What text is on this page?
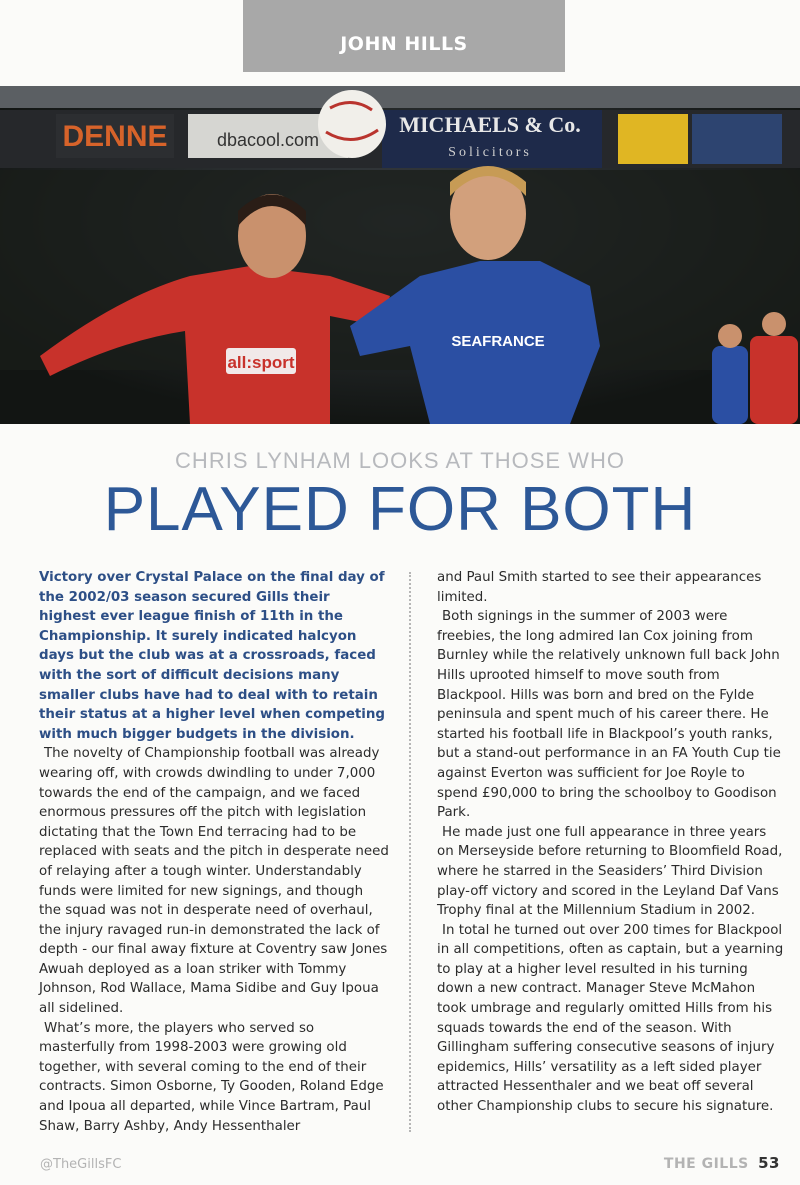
JOHN HILLS
DENNE	dbacool.com
MICHAELS & Co.
Solicitors
all:sport
SEAFRANCE
CHRIS LYNHAM LOOKS AT THOSE WHO
PLAYED FOR BOTH

Victory over Crystal Palace on the final day of the 2002/03 season secured Gills their highest ever league finish of 11th in the Championship. It surely indicated halcyon days but the club was at a crossroads, faced with the sort of difficult decisions many smaller clubs have had to deal with to retain their status at a higher level when competing with much bigger budgets in the division.

The novelty of Championship football was already wearing off, with crowds dwindling to under 7,000 towards the end of the campaign, and we faced enormous pressures off the pitch with legislation dictating that the Town End terracing had to be replaced with seats and the pitch in desperate need of relaying after a tough winter. Understandably funds were limited for new signings, and though the squad was not in desperate need of overhaul, the injury ravaged run-in demonstrated the lack of depth - our final away fixture at Coventry saw Jones Awuah deployed as a loan striker with Tommy Johnson, Rod Wallace, Mama Sidibe and Guy Ipoua all sidelined.

What’s more, the players who served so masterfully from 1998-2003 were growing old together, with several coming to the end of their contracts. Simon Osborne, Ty Gooden, Roland Edge and Ipoua all departed, while Vince Bartram, Paul Shaw, Barry Ashby, Andy Hessenthaler

and Paul Smith started to see their appearances limited.

Both signings in the summer of 2003 were freebies, the long admired Ian Cox joining from Burnley while the relatively unknown full back John Hills uprooted himself to move south from Blackpool. Hills was born and bred on the Fylde peninsula and spent much of his career there. He started his football life in Blackpool’s youth ranks, but a stand-out performance in an FA Youth Cup tie against Everton was sufficient for Joe Royle to spend £90,000 to bring the schoolboy to Goodison Park.

He made just one full appearance in three years on Merseyside before returning to Bloomfield Road, where he starred in the Seasiders’ Third Division play-off victory and scored in the Leyland Daf Vans Trophy final at the Millennium Stadium in 2002.

In total he turned out over 200 times for Blackpool in all competitions, often as captain, but a yearning to play at a higher level resulted in his turning down a new contract. Manager Steve McMahon took umbrage and regularly omitted Hills from his squads towards the end of the season. With Gillingham suffering consecutive seasons of injury epidemics, Hills’ versatility as a left sided player attracted Hessenthaler and we beat off several other Championship clubs to secure his signature.

@TheGillsFC	THE GILLS 53
